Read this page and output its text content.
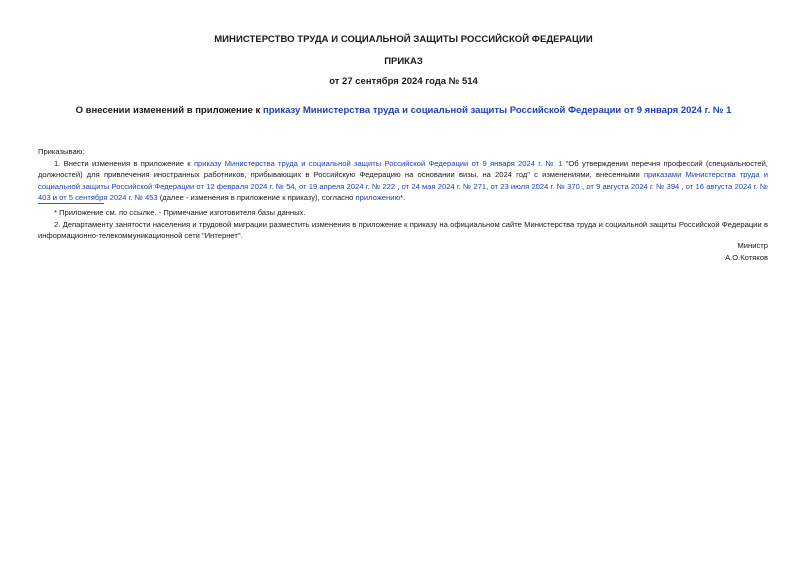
МИНИСТЕРСТВО ТРУДА И СОЦИАЛЬНОЙ ЗАЩИТЫ РОССИЙСКОЙ ФЕДЕРАЦИИ
ПРИКАЗ
от 27 сентября 2024 года № 514
О внесении изменений в приложение к приказу Министерства труда и социальной защиты Российской Федерации от 9 января 2024 г. № 1

Приказываю:

1. Внести изменения в приложение к приказу Министерства труда и социальной защиты Российской Федерации от 9 января 2024 г. № 1 "Об утверждении перечня профессий (специальностей, должностей) для привлечения иностранных работников, прибывающих в Российскую Федерацию на основании визы, на 2024 год" с изменениями, внесенными приказами Министерства труда и социальной защиты Российской Федерации от 12 февраля 2024 г. № 54, от 19 апреля 2024 г. № 222 , от 24 мая 2024 г. № 271, от 23 июля 2024 г. № 370 , от 9 августа 2024 г. № 394 , от 16 августа 2024 г. № 403 и от 5 сентября 2024 г. № 453 (далее - изменения в приложение к приказу), согласно приложению*.

* Приложение см. по ссылке. - Примечание изготовителя базы данных.

2. Департаменту занятости населения и трудовой миграции разместить изменения в приложение к приказу на официальном сайте Министерства труда и социальной защиты Российской Федерации в информационно-телекоммуникационной сети "Интернет".

Министр
А.О.Котяков
